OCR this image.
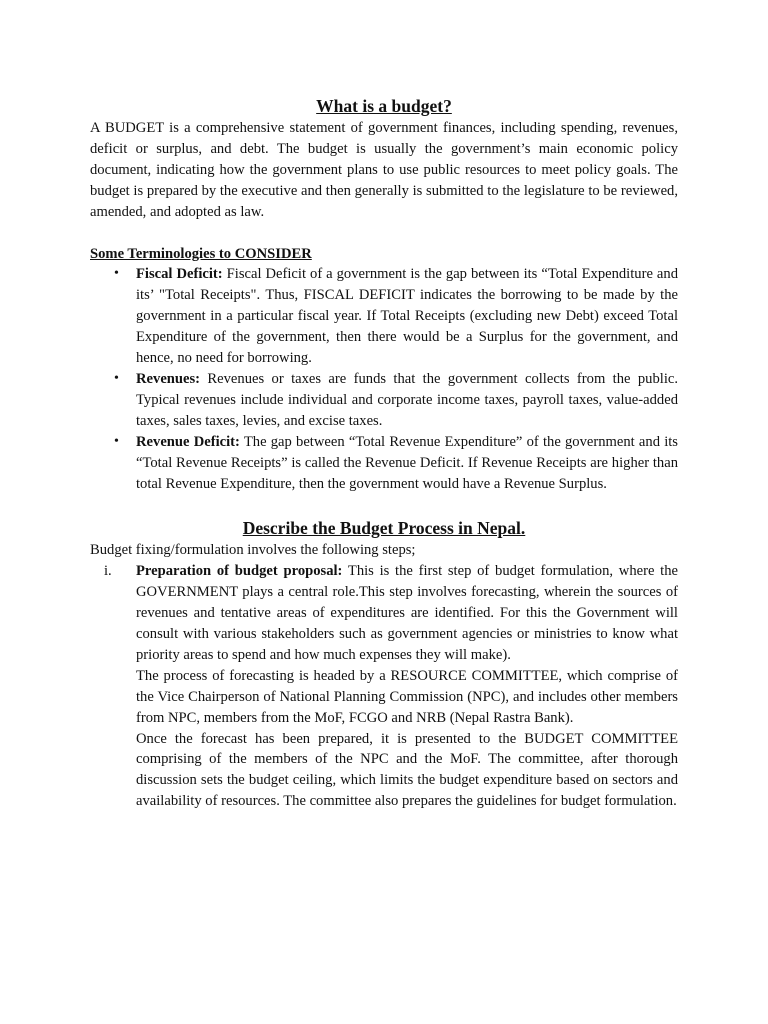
What is a budget?

A BUDGET is a comprehensive statement of government finances, including spending, revenues, deficit or surplus, and debt. The budget is usually the government’s main economic policy document, indicating how the government plans to use public resources to meet policy goals. The budget is prepared by the executive and then generally is submitted to the legislature to be reviewed, amended, and adopted as law.

Some Terminologies to CONSIDER

• Fiscal Deficit: Fiscal Deficit of a government is the gap between its “Total Expenditure and its’ "Total Receipts". Thus, FISCAL DEFICIT indicates the borrowing to be made by the government in a particular fiscal year. If Total Receipts (excluding new Debt) exceed Total Expenditure of the government, then there would be a Surplus for the government, and hence, no need for borrowing.
• Revenues: Revenues or taxes are funds that the government collects from the public. Typical revenues include individual and corporate income taxes, payroll taxes, value-added taxes, sales taxes, levies, and excise taxes.
• Revenue Deficit: The gap between “Total Revenue Expenditure” of the government and its “Total Revenue Receipts” is called the Revenue Deficit. If Revenue Receipts are higher than total Revenue Expenditure, then the government would have a Revenue Surplus.
Describe the Budget Process in Nepal.

Budget fixing/formulation involves the following steps;

i. Preparation of budget proposal: This is the first step of budget formulation, where the GOVERNMENT plays a central role.This step involves forecasting, wherein the sources of revenues and tentative areas of expenditures are identified. For this the Government will consult with various stakeholders such as government agencies or ministries to know what priority areas to spend and how much expenses they will make).

The process of forecasting is headed by a RESOURCE COMMITTEE, which comprise of the Vice Chairperson of National Planning Commission (NPC), and includes other members from NPC, members from the MoF, FCGO and NRB (Nepal Rastra Bank).

Once the forecast has been prepared, it is presented to the BUDGET COMMITTEE comprising of the members of the NPC and the MoF. The committee, after thorough discussion sets the budget ceiling, which limits the budget expenditure based on sectors and availability of resources. The committee also prepares the guidelines for budget formulation.
